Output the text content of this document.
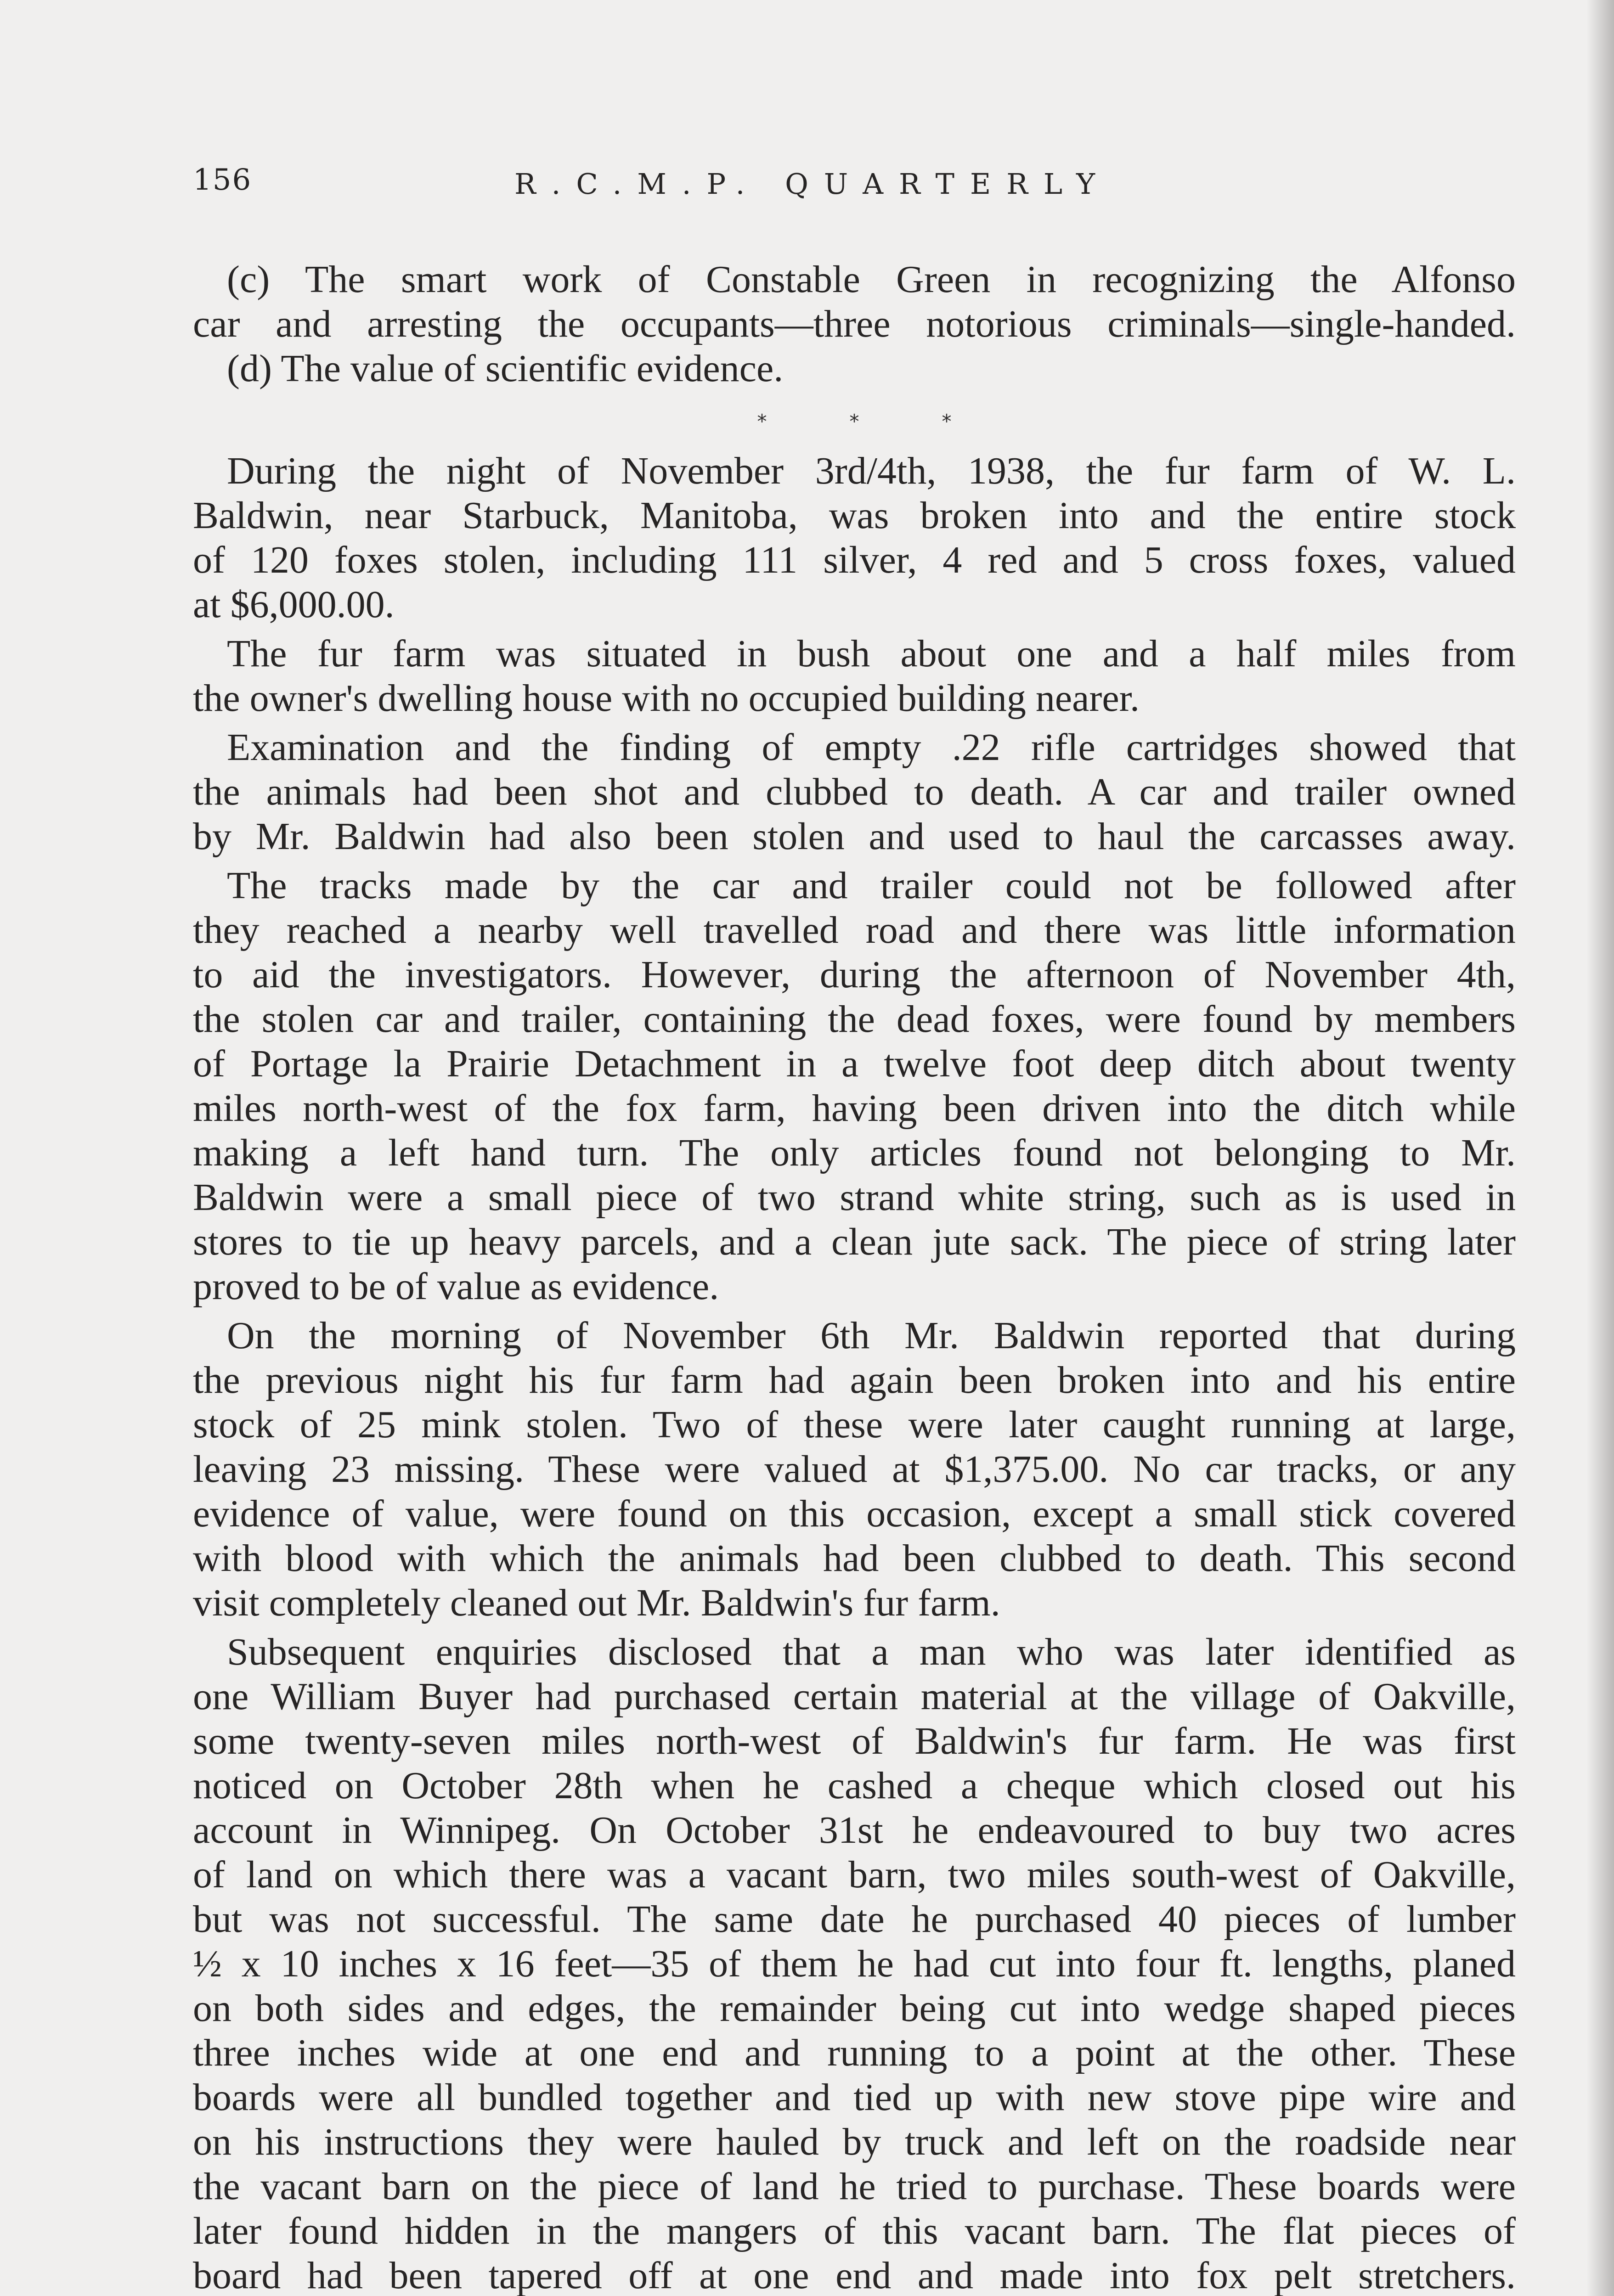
156	R.C.M.P. QUARTERLY
(c) The smart work of Constable Green in recognizing the Alfonso
car and arresting the occupants—three notorious criminals—single-handed.
(d) The value of scientific evidence.
*	*	*
During the night of November 3rd/4th, 1938, the fur farm of W. L.
Baldwin, near Starbuck, Manitoba, was broken into and the entire stock
of 120 foxes stolen, including 111 silver, 4 red and 5 cross foxes, valued
at $6,000.00.
The fur farm was situated in bush about one and a half miles from
the owner's dwelling house with no occupied building nearer.
Examination and the finding of empty .22 rifle cartridges showed that
the animals had been shot and clubbed to death. A car and trailer owned
by Mr. Baldwin had also been stolen and used to haul the carcasses away.
The tracks made by the car and trailer could not be followed after
they reached a nearby well travelled road and there was little information
to aid the investigators. However, during the afternoon of November 4th,
the stolen car and trailer, containing the dead foxes, were found by members
of Portage la Prairie Detachment in a twelve foot deep ditch about twenty
miles north-west of the fox farm, having been driven into the ditch while
making a left hand turn. The only articles found not belonging to Mr.
Baldwin were a small piece of two strand white string, such as is used in
stores to tie up heavy parcels, and a clean jute sack. The piece of string later
proved to be of value as evidence.
On the morning of November 6th Mr. Baldwin reported that during
the previous night his fur farm had again been broken into and his entire
stock of 25 mink stolen. Two of these were later caught running at large,
leaving 23 missing. These were valued at $1,375.00. No car tracks, or any
evidence of value, were found on this occasion, except a small stick covered
with blood with which the animals had been clubbed to death. This second
visit completely cleaned out Mr. Baldwin's fur farm.
Subsequent enquiries disclosed that a man who was later identified as
one William Buyer had purchased certain material at the village of Oakville,
some twenty-seven miles north-west of Baldwin's fur farm. He was first
noticed on October 28th when he cashed a cheque which closed out his
account in Winnipeg. On October 31st he endeavoured to buy two acres
of land on which there was a vacant barn, two miles south-west of Oakville,
but was not successful. The same date he purchased 40 pieces of lumber
½ x 10 inches x 16 feet—35 of them he had cut into four ft. lengths, planed
on both sides and edges, the remainder being cut into wedge shaped pieces
three inches wide at one end and running to a point at the other. These
boards were all bundled together and tied up with new stove pipe wire and
on his instructions they were hauled by truck and left on the roadside near
the vacant barn on the piece of land he tried to purchase. These boards were
later found hidden in the mangers of this vacant barn. The flat pieces of
board had been tapered off at one end and made into fox pelt stretchers.
